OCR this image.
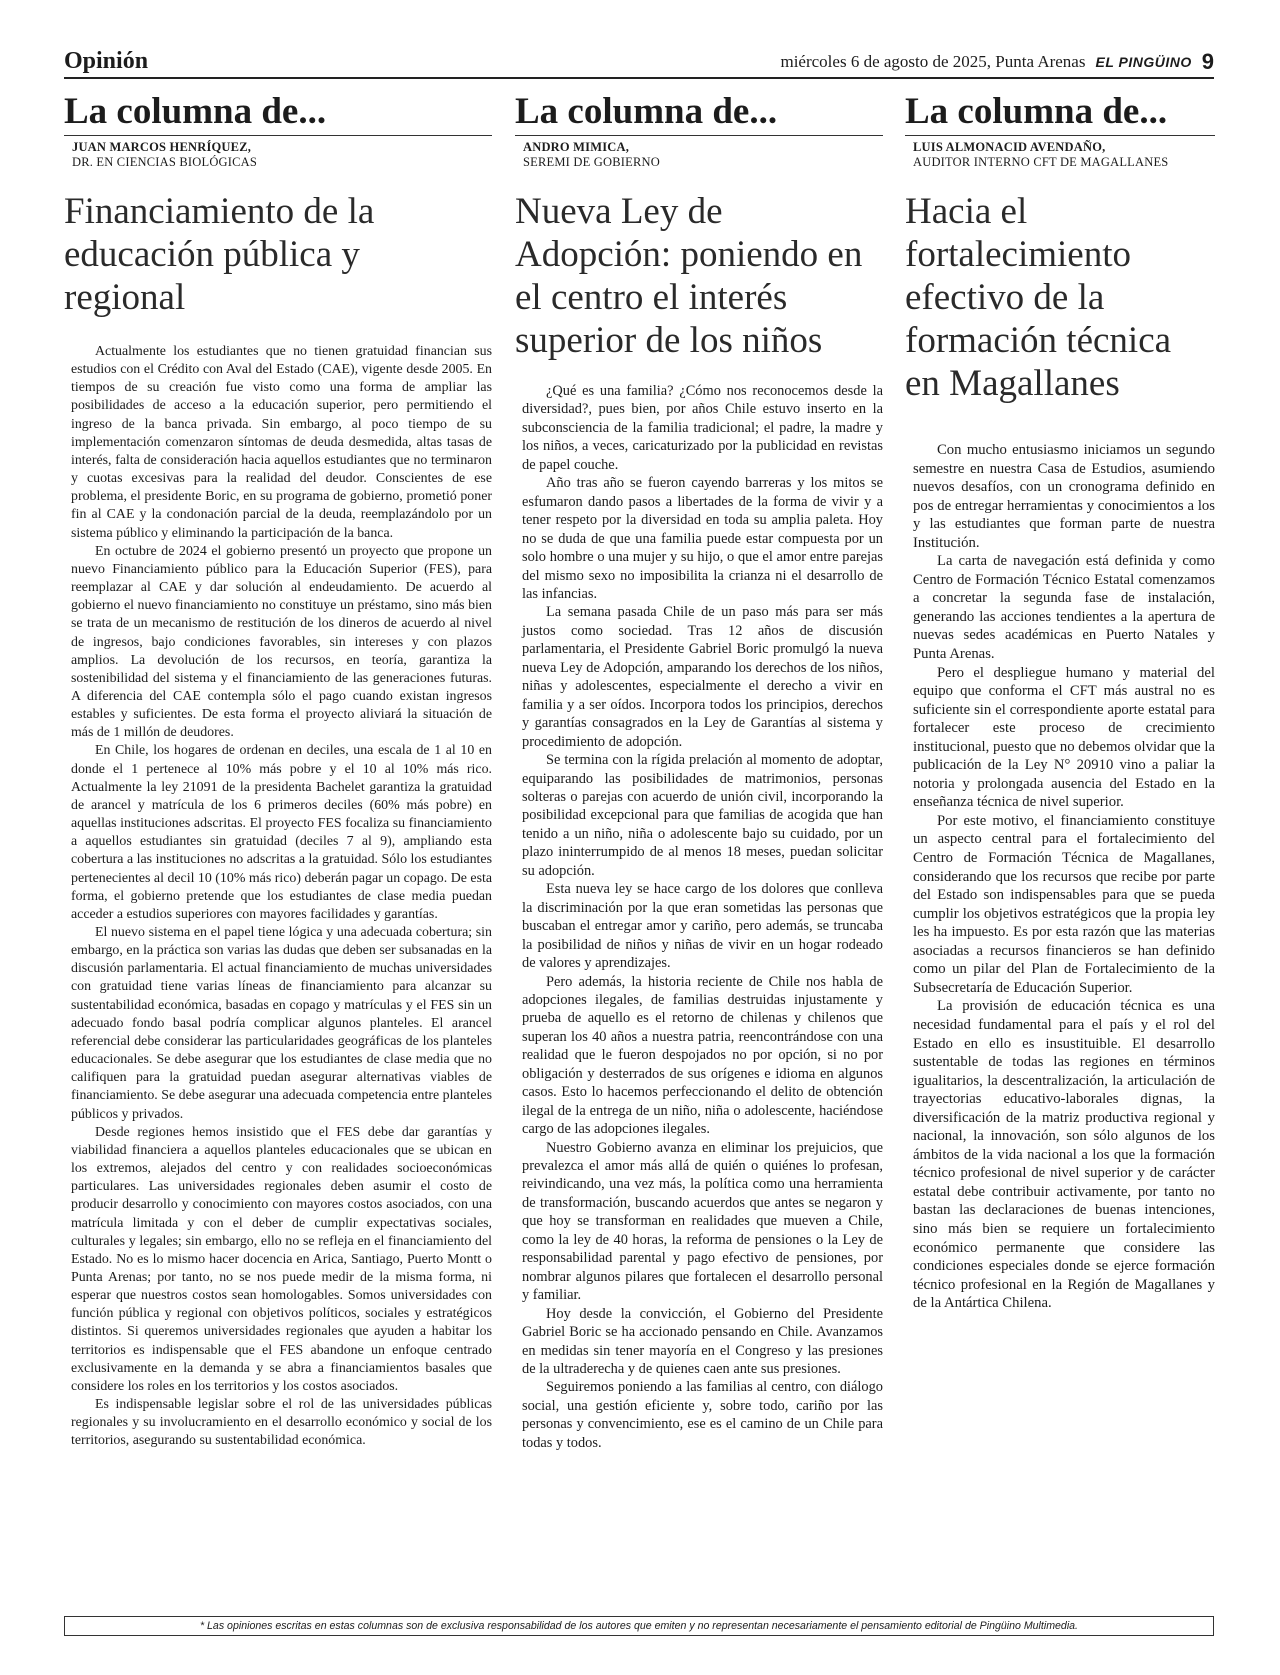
Opinión	miércoles 6 de agosto de 2025, Punta Arenas EL PINGÜINO 9
La columna de...
JUAN MARCOS HENRÍQUEZ,
DR. EN CIENCIAS BIOLÓGICAS
Financiamiento de la educación pública y regional

Actualmente los estudiantes que no tienen gratuidad financian sus estudios con el Crédito con Aval del Estado (CAE), vigente desde 2005. En tiempos de su creación fue visto como una forma de ampliar las posibilidades de acceso a la educación superior, pero permitiendo el ingreso de la banca privada. Sin embargo, al poco tiempo de su implementación comenzaron síntomas de deuda desmedida, altas tasas de interés, falta de consideración hacia aquellos estudiantes que no terminaron y cuotas excesivas para la realidad del deudor. Conscientes de ese problema, el presidente Boric, en su programa de gobierno, prometió poner fin al CAE y la condonación parcial de la deuda, reemplazándolo por un sistema público y eliminando la participación de la banca.

En octubre de 2024 el gobierno presentó un proyecto que propone un nuevo Financiamiento público para la Educación Superior (FES), para reemplazar al CAE y dar solución al endeudamiento. De acuerdo al gobierno el nuevo financiamiento no constituye un préstamo, sino más bien se trata de un mecanismo de restitución de los dineros de acuerdo al nivel de ingresos, bajo condiciones favorables, sin intereses y con plazos amplios. La devolución de los recursos, en teoría, garantiza la sostenibilidad del sistema y el financiamiento de las generaciones futuras. A diferencia del CAE contempla sólo el pago cuando existan ingresos estables y suficientes. De esta forma el proyecto aliviará la situación de más de 1 millón de deudores.

En Chile, los hogares de ordenan en deciles, una escala de 1 al 10 en donde el 1 pertenece al 10% más pobre y el 10 al 10% más rico. Actualmente la ley 21091 de la presidenta Bachelet garantiza la gratuidad de arancel y matrícula de los 6 primeros deciles (60% más pobre) en aquellas instituciones adscritas. El proyecto FES focaliza su financiamiento a aquellos estudiantes sin gratuidad (deciles 7 al 9), ampliando esta cobertura a las instituciones no adscritas a la gratuidad. Sólo los estudiantes pertenecientes al decil 10 (10% más rico) deberán pagar un copago. De esta forma, el gobierno pretende que los estudiantes de clase media puedan acceder a estudios superiores con mayores facilidades y garantías.

El nuevo sistema en el papel tiene lógica y una adecuada cobertura; sin embargo, en la práctica son varias las dudas que deben ser subsanadas en la discusión parlamentaria. El actual financiamiento de muchas universidades con gratuidad tiene varias líneas de financiamiento para alcanzar su sustentabilidad económica, basadas en copago y matrículas y el FES sin un adecuado fondo basal podría complicar algunos planteles. El arancel referencial debe considerar las particularidades geográficas de los planteles educacionales. Se debe asegurar que los estudiantes de clase media que no califiquen para la gratuidad puedan asegurar alternativas viables de financiamiento. Se debe asegurar una adecuada competencia entre planteles públicos y privados.

Desde regiones hemos insistido que el FES debe dar garantías y viabilidad financiera a aquellos planteles educacionales que se ubican en los extremos, alejados del centro y con realidades socioeconómicas particulares. Las universidades regionales deben asumir el costo de producir desarrollo y conocimiento con mayores costos asociados, con una matrícula limitada y con el deber de cumplir expectativas sociales, culturales y legales; sin embargo, ello no se refleja en el financiamiento del Estado. No es lo mismo hacer docencia en Arica, Santiago, Puerto Montt o Punta Arenas; por tanto, no se nos puede medir de la misma forma, ni esperar que nuestros costos sean homologables. Somos universidades con función pública y regional con objetivos políticos, sociales y estratégicos distintos. Si queremos universidades regionales que ayuden a habitar los territorios es indispensable que el FES abandone un enfoque centrado exclusivamente en la demanda y se abra a financiamientos basales que considere los roles en los territorios y los costos asociados.

Es indispensable legislar sobre el rol de las universidades públicas regionales y su involucramiento en el desarrollo económico y social de los territorios, asegurando su sustentabilidad económica.

La columna de...
ANDRO MIMICA,
SEREMI DE GOBIERNO
Nueva Ley de Adopción: poniendo en el centro el interés superior de los niños

¿Qué es una familia? ¿Cómo nos reconocemos desde la diversidad?, pues bien, por años Chile estuvo inserto en la subconsciencia de la familia tradicional; el padre, la madre y los niños, a veces, caricaturizado por la publicidad en revistas de papel couche.

Año tras año se fueron cayendo barreras y los mitos se esfumaron dando pasos a libertades de la forma de vivir y a tener respeto por la diversidad en toda su amplia paleta. Hoy no se duda de que una familia puede estar compuesta por un solo hombre o una mujer y su hijo, o que el amor entre parejas del mismo sexo no imposibilita la crianza ni el desarrollo de las infancias.

La semana pasada Chile de un paso más para ser más justos como sociedad. Tras 12 años de discusión parlamentaria, el Presidente Gabriel Boric promulgó la nueva nueva Ley de Adopción, amparando los derechos de los niños, niñas y adolescentes, especialmente el derecho a vivir en familia y a ser oídos. Incorpora todos los principios, derechos y garantías consagrados en la Ley de Garantías al sistema y procedimiento de adopción.

Se termina con la rígida prelación al momento de adoptar, equiparando las posibilidades de matrimonios, personas solteras o parejas con acuerdo de unión civil, incorporando la posibilidad excepcional para que familias de acogida que han tenido a un niño, niña o adolescente bajo su cuidado, por un plazo ininterrumpido de al menos 18 meses, puedan solicitar su adopción.

Esta nueva ley se hace cargo de los dolores que conlleva la discriminación por la que eran sometidas las personas que buscaban el entregar amor y cariño, pero además, se truncaba la posibilidad de niños y niñas de vivir en un hogar rodeado de valores y aprendizajes.

Pero además, la historia reciente de Chile nos habla de adopciones ilegales, de familias destruidas injustamente y prueba de aquello es el retorno de chilenas y chilenos que superan los 40 años a nuestra patria, reencontrándose con una realidad que le fueron despojados no por opción, si no por obligación y desterrados de sus orígenes e idioma en algunos casos. Esto lo hacemos perfeccionando el delito de obtención ilegal de la entrega de un niño, niña o adolescente, haciéndose cargo de las adopciones ilegales.

Nuestro Gobierno avanza en eliminar los prejuicios, que prevalezca el amor más allá de quién o quiénes lo profesan, reivindicando, una vez más, la política como una herramienta de transformación, buscando acuerdos que antes se negaron y que hoy se transforman en realidades que mueven a Chile, como la ley de 40 horas, la reforma de pensiones o la Ley de responsabilidad parental y pago efectivo de pensiones, por nombrar algunos pilares que fortalecen el desarrollo personal y familiar.

Hoy desde la convicción, el Gobierno del Presidente Gabriel Boric se ha accionado pensando en Chile. Avanzamos en medidas sin tener mayoría en el Congreso y las presiones de la ultraderecha y de quienes caen ante sus presiones.

Seguiremos poniendo a las familias al centro, con diálogo social, una gestión eficiente y, sobre todo, cariño por las personas y convencimiento, ese es el camino de un Chile para todas y todos.

La columna de...
LUIS ALMONACID AVENDAÑO,
AUDITOR INTERNO CFT DE MAGALLANES
Hacia el fortalecimiento efectivo de la formación técnica en Magallanes

Con mucho entusiasmo iniciamos un segundo semestre en nuestra Casa de Estudios, asumiendo nuevos desafíos, con un cronograma definido en pos de entregar herramientas y conocimientos a los y las estudiantes que forman parte de nuestra Institución.

La carta de navegación está definida y como Centro de Formación Técnico Estatal comenzamos a concretar la segunda fase de instalación, generando las acciones tendientes a la apertura de nuevas sedes académicas en Puerto Natales y Punta Arenas.

Pero el despliegue humano y material del equipo que conforma el CFT más austral no es suficiente sin el correspondiente aporte estatal para fortalecer este proceso de crecimiento institucional, puesto que no debemos olvidar que la publicación de la Ley N° 20910 vino a paliar la notoria y prolongada ausencia del Estado en la enseñanza técnica de nivel superior.

Por este motivo, el financiamiento constituye un aspecto central para el fortalecimiento del Centro de Formación Técnica de Magallanes, considerando que los recursos que recibe por parte del Estado son indispensables para que se pueda cumplir los objetivos estratégicos que la propia ley les ha impuesto. Es por esta razón que las materias asociadas a recursos financieros se han definido como un pilar del Plan de Fortalecimiento de la Subsecretaría de Educación Superior.

La provisión de educación técnica es una necesidad fundamental para el país y el rol del Estado en ello es insustituible. El desarrollo sustentable de todas las regiones en términos igualitarios, la descentralización, la articulación de trayectorias educativo-laborales dignas, la diversificación de la matriz productiva regional y nacional, la innovación, son sólo algunos de los ámbitos de la vida nacional a los que la formación técnico profesional de nivel superior y de carácter estatal debe contribuir activamente, por tanto no bastan las declaraciones de buenas intenciones, sino más bien se requiere un fortalecimiento económico permanente que considere las condiciones especiales donde se ejerce formación técnico profesional en la Región de Magallanes y de la Antártica Chilena.

* Las opiniones escritas en estas columnas son de exclusiva responsabilidad de los autores que emiten y no representan necesariamente el pensamiento editorial de Pingüino Multimedia.
